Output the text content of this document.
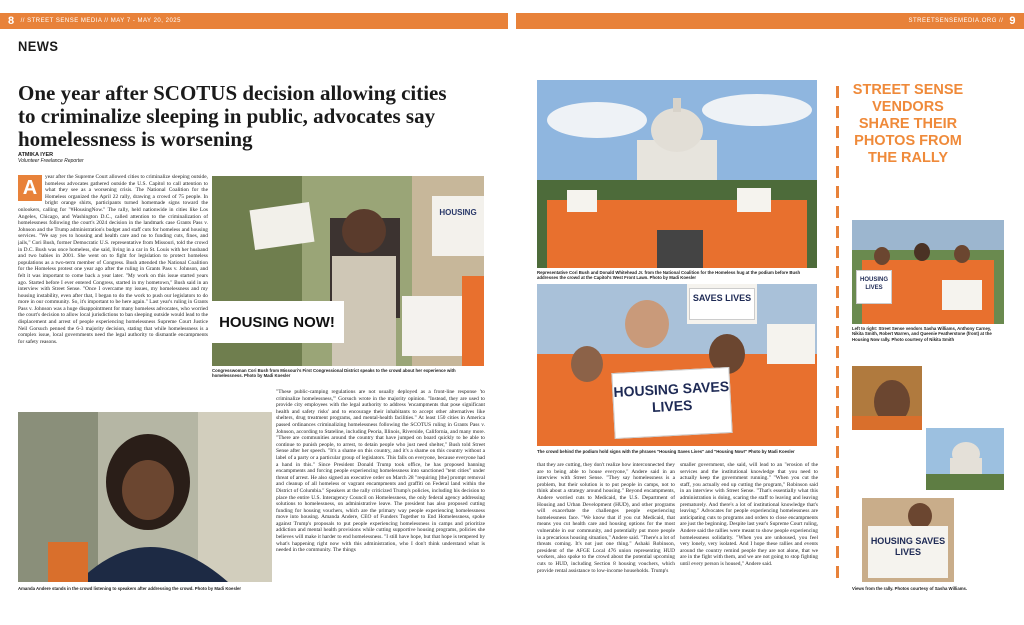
8 // STREET SENSE MEDIA // MAY 7 - MAY 20, 2025	STREETSENSEMEDIA.ORG // 9
NEWS
One year after SCOTUS decision allowing cities to criminalize sleeping in public, advocates say homelessness is worsening
ATMIKA IYER
Volunteer Freelance Reporter
A	year after the Supreme Court allowed cities to criminalize sleeping outside, homeless advocates gathered outside the U.S. Capitol to call attention to what they see as a worsening crisis. The National Coalition for the Homeless organized the April 22 rally, drawing a crowd of 75 people. In bright orange shirts, participants turned homemade signs toward the onlookers, calling for "#HousingNow." The rally, held nationwide in cities like Los Angeles, Chicago, and Washington D.C., called attention to the criminalization of homelessness following the court's 2024 decision in the landmark case Grants Pass v. Johnson and the Trump administration's budget and staff cuts for homeless and housing services. "We say yes to housing and health care and no to funding cuts, fines, and jails," Cori Bush, former Democratic U.S. representative from Missouri, told the crowd in D.C. Bush was once homeless, she said, living in a car in St. Louis with her husband and two babies in 2001. She went on to fight for legislation to protect homeless populations as a two-term member of Congress. Bush attended the National Coalition for the Homeless protest one year ago after the ruling in Grants Pass v. Johnson, and felt it was important to come back a year later. "My work on this issue started years ago. Started before I ever entered Congress, started in my hometown," Bush said in an interview with Street Sense. "Once I overcame my issues, my homelessness and my housing instability, even after that, I began to do the work to push our legislators to do more in our community. So, it's important to be here again." Last year's ruling in Grants Pass v. Johnson was a huge disappointment for many homeless advocates, who worried the court's decision to allow local jurisdictions to ban sleeping outside would lead to the displacement and arrest of people experiencing homelessness Supreme Court Justice Neil Gorsuch penned the 6-3 majority decision, stating that while homelessness is a complex issue, local governments need the legal authority to dismantle encampments for safety reasons.
HOUSING NOW!
HOUSING
Congresswoman Cori Bush from Missouri's First Congressional District speaks to the crowd about her experience with homelessness. Photo by Madi Koesler
"These public-camping regulations are not usually deployed as a front-line response 'to criminalize homelessness,'" Gorsuch wrote in the majority opinion. "Instead, they are used to provide city employees with the legal authority to address 'encampments that pose significant health and safety risks' and to encourage their inhabitants to accept other alternatives like shelters, drug treatment programs, and mental-health facilities." At least 150 cities in America passed ordinances criminalizing homelessness following the SCOTUS ruling in Grants Pass v. Johnson, according to Stateline, including Peoria, Illinois, Riverside, California, and many more. "There are communities around the country that have jumped on board quickly to be able to continue to punish people, to arrest, to detain people who just need shelter," Bush told Street Sense after her speech. "It's a shame on this country, and it's a shame on this country without a label of a party or a particular group of legislators. This falls on everyone, because everyone had a hand in this." Since President Donald Trump took office, he has proposed banning encampments and forcing people experiencing homelessness into sanctioned "tent cities" under threat of arrest. He also signed an executive order on March 28 "requiring [the] prompt removal and cleanup of all homeless or vagrant encampments and graffiti on Federal land within the District of Columbia." Speakers at the rally criticized Trump's policies, including his decision to place the entire U.S. Interagency Council on Homelessness, the only federal agency addressing solutions to homelessness, on administrative leave. The president has also proposed cutting funding for housing vouchers, which are the primary way people experiencing homelessness move into housing. Amanda Andere, CEO of Funders Together to End Homelessness, spoke against Trump's proposals to put people experiencing homelessness in camps and prioritize addiction and mental health provisions while cutting supportive housing programs, policies she believes will make it harder to end homelessness. "I still have hope, but that hope is tempered by what's happening right now with this administration, who I don't think understand what is needed in the community. The things
Amanda Andere stands in the crowd listening to speakers after addressing the crowd. Photo by Madi Koesler
Representative Cori Bush and Donald Whitehead Jr. from the National Coalition for the Homeless hug at the podium before Bush addresses the crowd at the Capitol's West Front Lawn. Photo by Madi Koesler
HOUSING SAVES LIVES
SAVES LIVES
The crowd behind the podium hold signs with the phrases "Housing Saves Lives" and "Housing Now!" Photo by Madi Koesler
that they are cutting, they don't realize how interconnected they are to being able to house everyone," Andere said in an interview with Street Sense. "They say homelessness is a problem, but their solution is to put people in camps, not to think about a strategy around housing." Beyond encampments, Andere worried cuts to Medicaid, the U.S. Department of Housing and Urban Development (HUD), and other programs will exacerbate the challenges people experiencing homelessness face. "We know that if you cut Medicaid, that means you cut health care and housing options for the most vulnerable in our community, and potentially put more people in a precarious housing situation," Andere said. "There's a lot of threats coming. It's not just one thing." Ashaki Robinson, president of the AFGE Local 476 union representing HUD workers, also spoke to the crowd about the potential upcoming cuts to HUD, including Section 8 housing vouchers, which provide rental assistance to low-income households. Trump's
smaller government, she said, will lead to an "erosion of the services and the institutional knowledge that you need to actually keep the government running." "When you cut the staff, you actually end up cutting the program," Robinson said in an interview with Street Sense. "That's essentially what this administration is doing, scaring the staff to leaving and leaving prematurely. And there's a lot of institutional knowledge that's leaving." Advocates for people experiencing homelessness are anticipating cuts to programs and orders to close encampments are just the beginning. Despite last year's Supreme Court ruling, Andere said the rallies were meant to show people experiencing homelessness solidarity. "When you are unhoused, you feel very lonely, very isolated. And I hope these rallies and events around the country remind people they are not alone, that we are in the fight with them, and we are not going to stop fighting until every person is housed," Andere said.
STREET SENSE VENDORS SHARE THEIR PHOTOS FROM THE RALLY
HOUSING LIVES
Left to right: Street Sense vendors Sasha Williams, Anthony Carney, Nikita Smith, Robert Warren, and Queenie Featherstone (front) at the Housing Now rally. Photo courtesy of Nikita Smith
HOUSING SAVES LIVES
Views from the rally. Photos courtesy of Sasha Williams.
